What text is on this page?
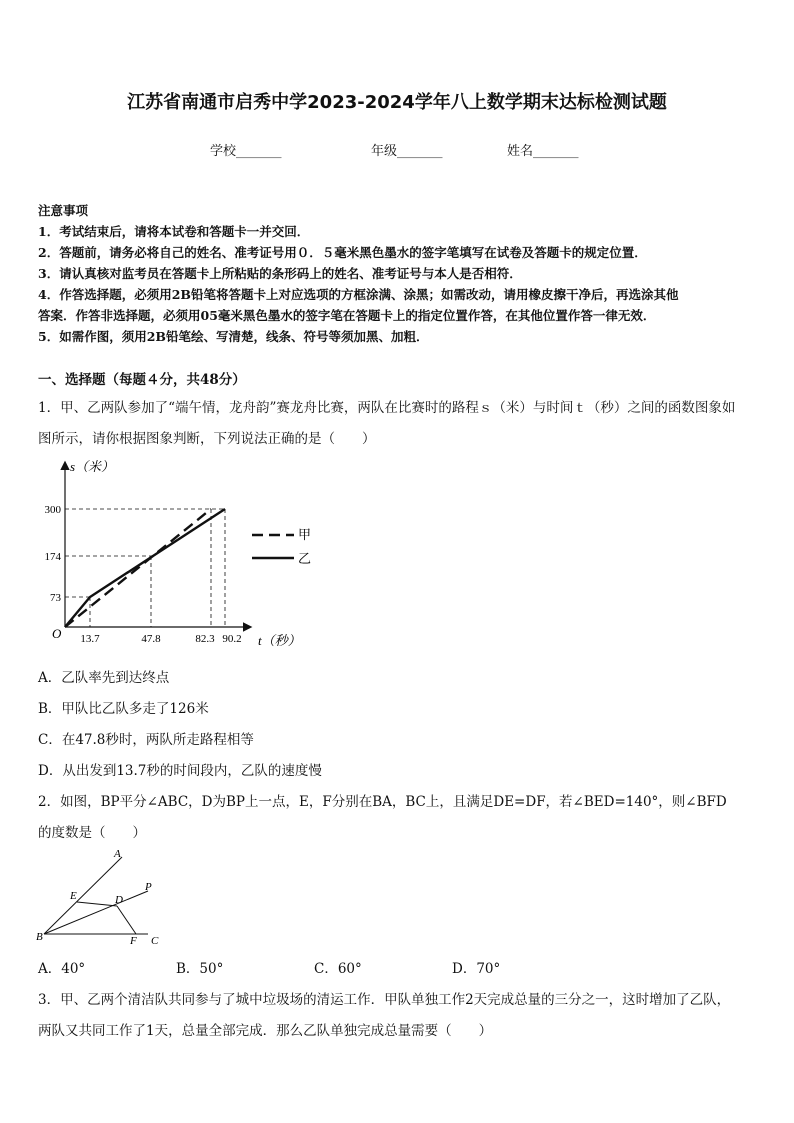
江苏省南通市启秀中学2023-2024学年八上数学期末达标检测试题
学校_______	年级_______	姓名_______
注意事项
1．考试结束后，请将本试卷和答题卡一并交回．
2．答题前，请务必将自己的姓名、准考证号用０．５毫米黑色墨水的签字笔填写在试卷及答题卡的规定位置．
3．请认真核对监考员在答题卡上所粘贴的条形码上的姓名、准考证号与本人是否相符．
4．作答选择题，必须用2B铅笔将答题卡上对应选项的方框涂满、涂黑；如需改动，请用橡皮擦干净后，再选涂其他
答案．作答非选择题，必须用05毫米黑色墨水的签字笔在答题卡上的指定位置作答，在其他位置作答一律无效．
5．如需作图，须用2B铅笔绘、写清楚，线条、符号等须加黑、加粗．
一、选择题（每题４分，共48分）
1．甲、乙两队参加了“端午情，龙舟韵”赛龙舟比赛，两队在比赛时的路程ｓ（米）与时间ｔ（秒）之间的函数图象如
图所示，请你根据图象判断，下列说法正确的是（　　）
s（米）
t（秒）
O
300
174
73
13.7	47.8	82.3 90.2
甲
乙
A．乙队率先到达终点
B．甲队比乙队多走了126米
C．在47.8秒时，两队所走路程相等
D．从出发到13.7秒的时间段内，乙队的速度慢
2．如图，BP平分∠ABC，D为BP上一点，E，F分别在BA，BC上，且满足DE=DF，若∠BED=140°，则∠BFD
的度数是（　　）
A
P
E	D
B	F C
A．40°	B．50°	C．60°	D．70°
3．甲、乙两个清洁队共同参与了城中垃圾场的清运工作．甲队单独工作2天完成总量的三分之一，这时增加了乙队，
两队又共同工作了1天，总量全部完成．那么乙队单独完成总量需要（　　）
